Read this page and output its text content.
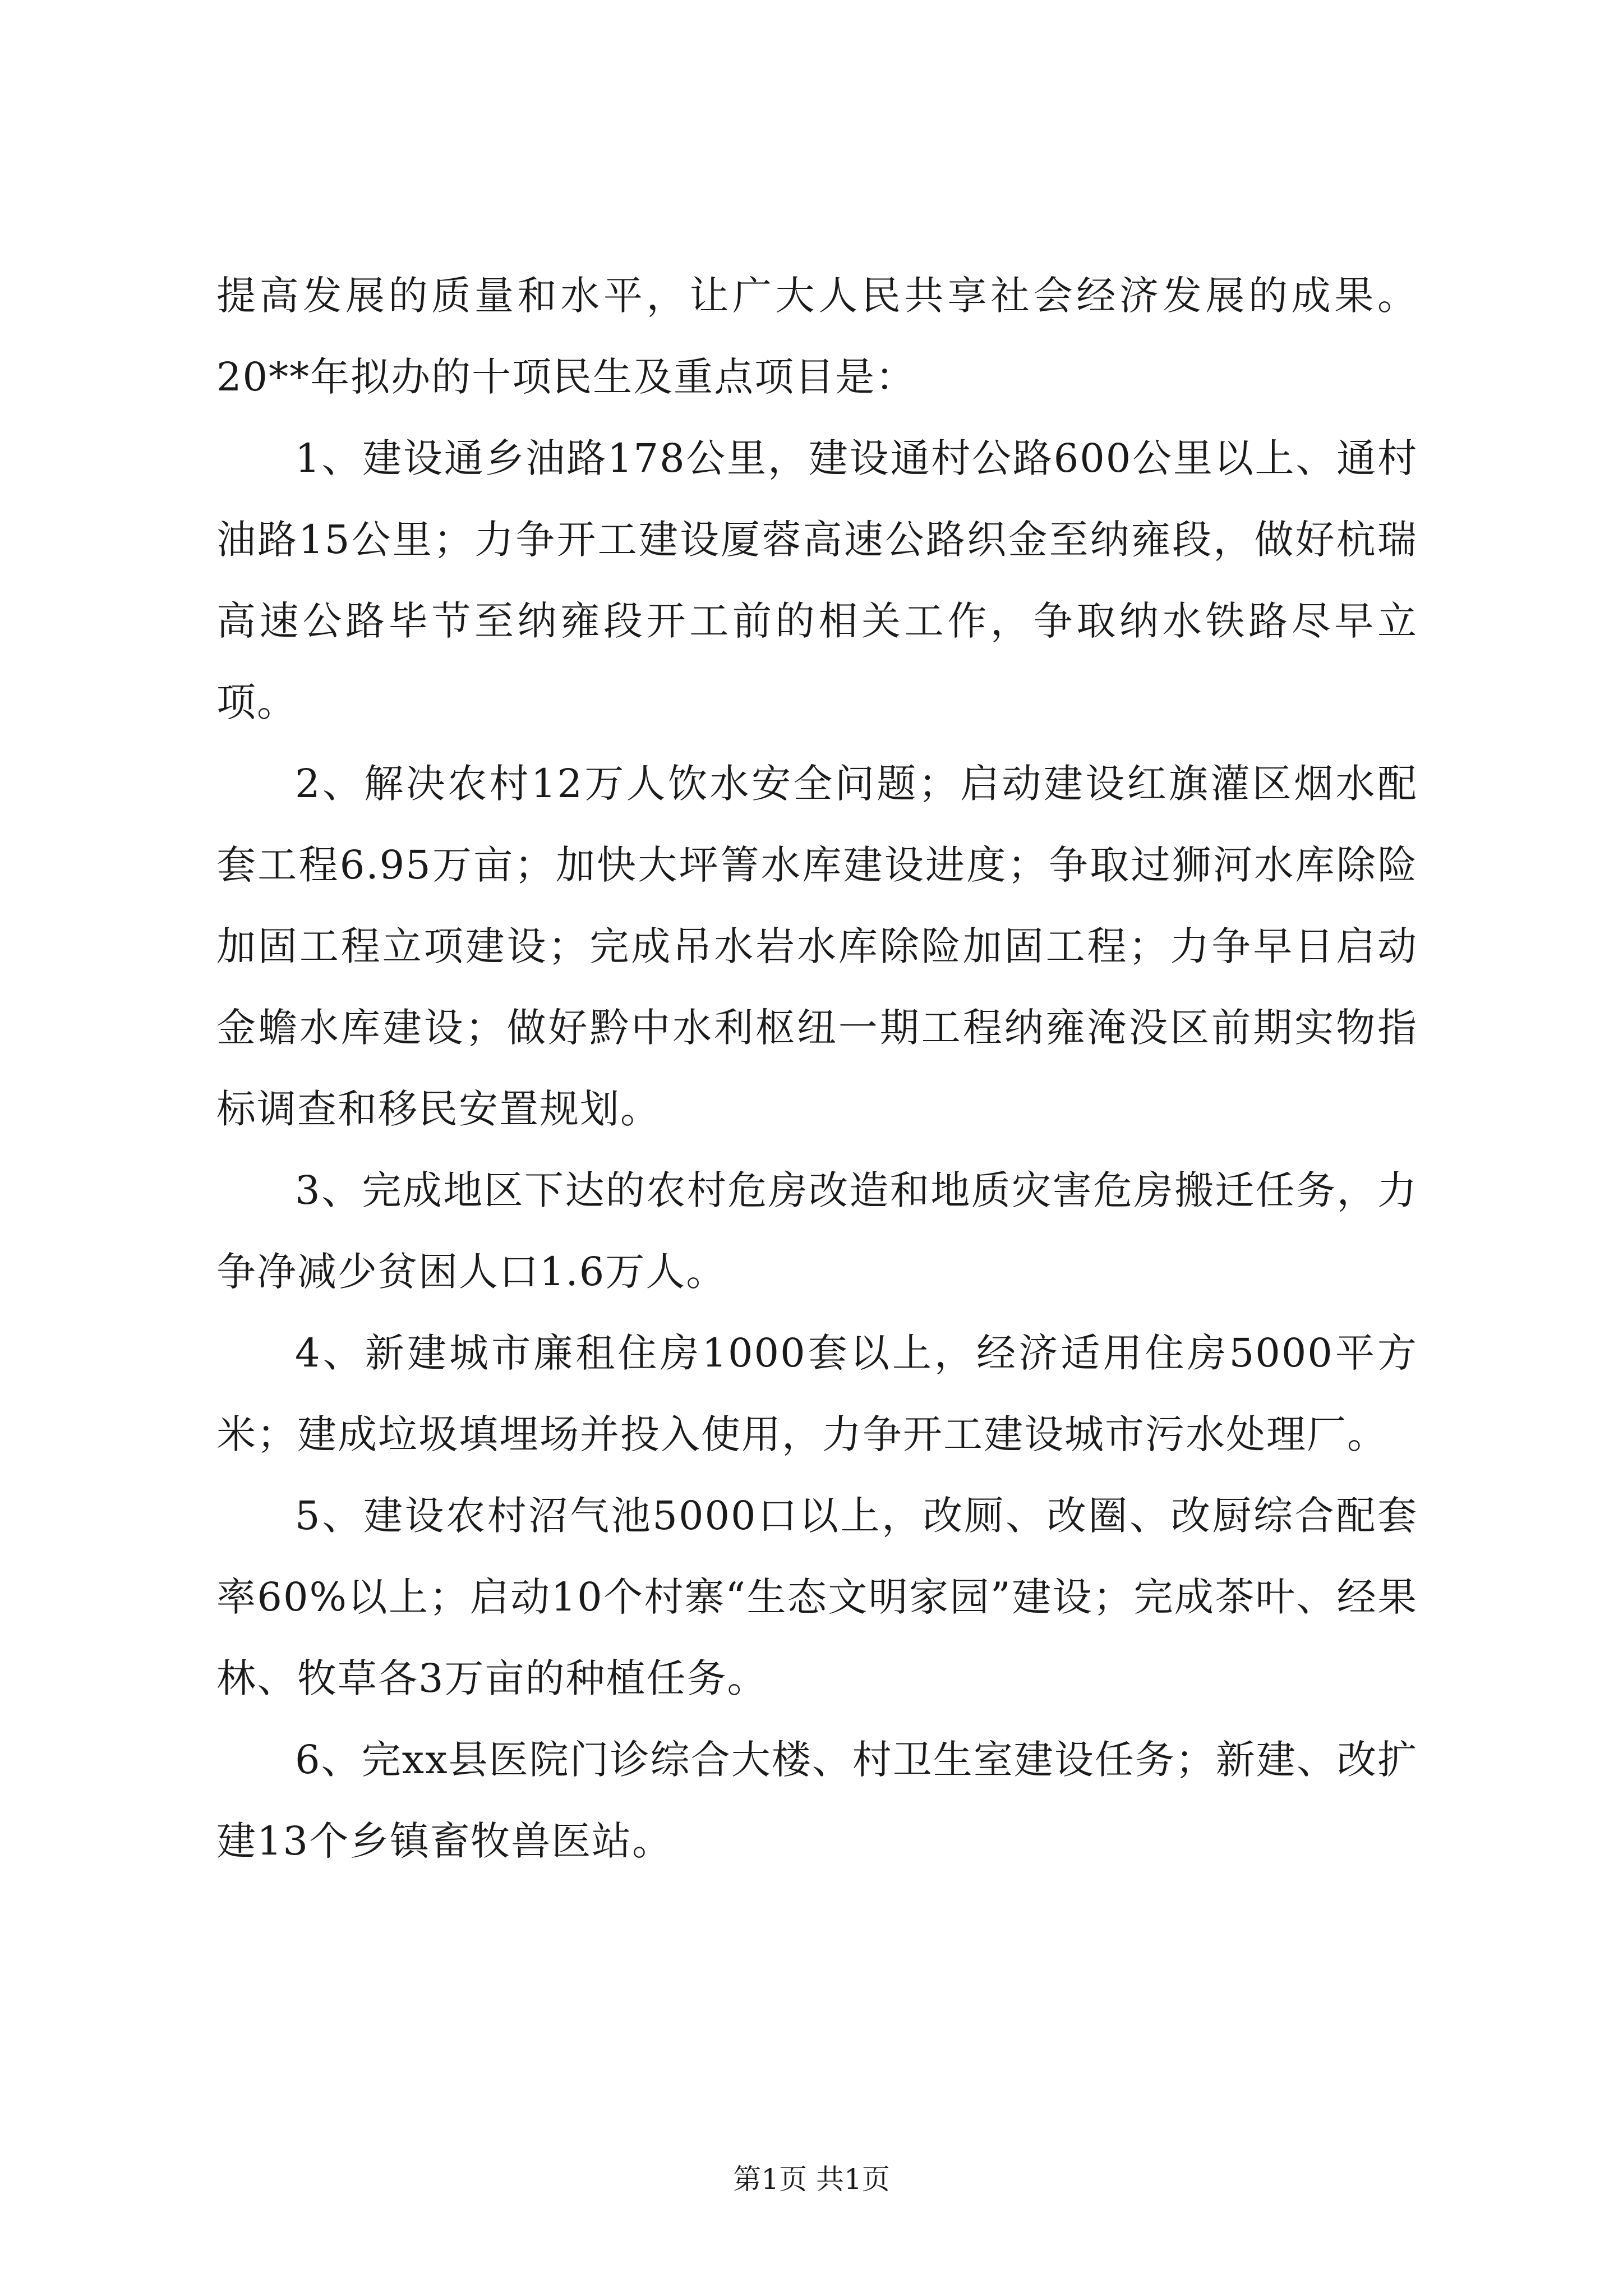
提高发展的质量和水平，让广大人民共享社会经济发展的成果。20**年拟办的十项民生及重点项目是：

1、建设通乡油路178公里，建设通村公路600公里以上、通村油路15公里；力争开工建设厦蓉高速公路织金至纳雍段，做好杭瑞高速公路毕节至纳雍段开工前的相关工作，争取纳水铁路尽早立项。

2、解决农村12万人饮水安全问题；启动建设红旗灌区烟水配套工程6.95万亩；加快大坪箐水库建设进度；争取过狮河水库除险加固工程立项建设；完成吊水岩水库除险加固工程；力争早日启动金蟾水库建设；做好黔中水利枢纽一期工程纳雍淹没区前期实物指标调查和移民安置规划。

3、完成地区下达的农村危房改造和地质灾害危房搬迁任务，力争净减少贫困人口1.6万人。

4、新建城市廉租住房1000套以上，经济适用住房5000平方米；建成垃圾填埋场并投入使用，力争开工建设城市污水处理厂。

5、建设农村沼气池5000口以上，改厕、改圈、改厨综合配套率60%以上；启动10个村寨“生态文明家园”建设；完成茶叶、经果林、牧草各3万亩的种植任务。

6、完xx县医院门诊综合大楼、村卫生室建设任务；新建、改扩建13个乡镇畜牧兽医站。

第1页 共1页
